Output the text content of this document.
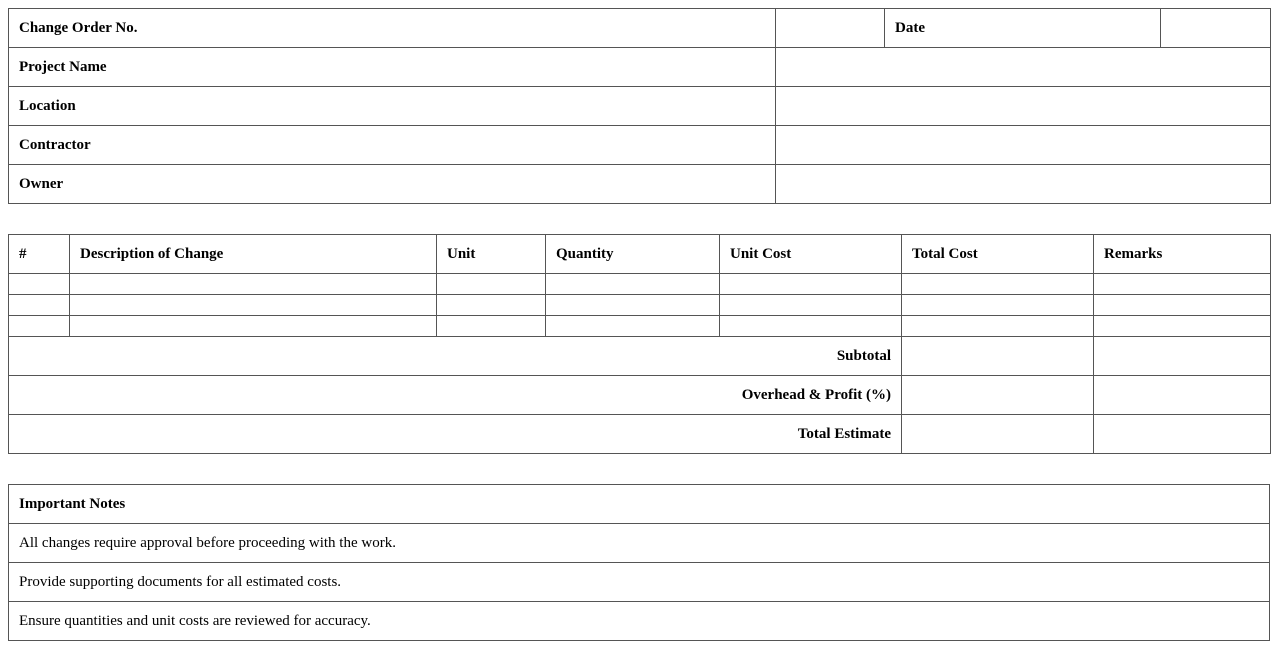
Change Order No.		Date	
Project Name			
Location			
Contractor			
Owner			
#	Description of Change	Unit	Quantity	Unit Cost	Total Cost	Remarks

Subtotal						
Overhead & Profit (%)						
Total Estimate						
Important Notes
All changes require approval before proceeding with the work.
Provide supporting documents for all estimated costs.
Ensure quantities and unit costs are reviewed for accuracy.
